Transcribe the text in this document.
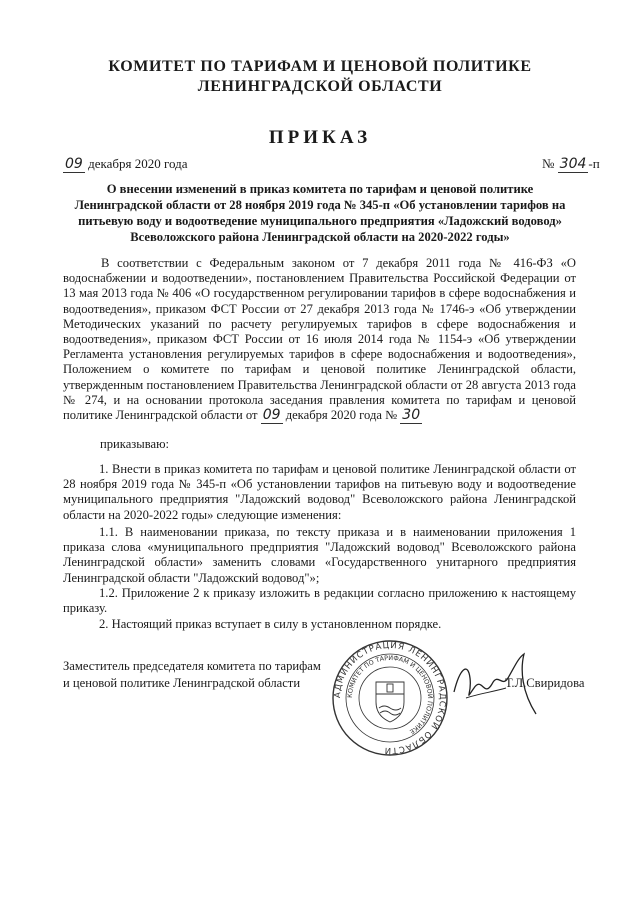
КОМИТЕТ ПО ТАРИФАМ И ЦЕНОВОЙ ПОЛИТИКЕ
ЛЕНИНГРАДСКОЙ ОБЛАСТИ
ПРИКАЗ
09 декабря 2020 года	№ 304 -п
О внесении изменений в приказ комитета по тарифам и ценовой политике Ленинградской области от 28 ноября 2019 года № 345-п «Об установлении тарифов на питьевую воду и водоотведение муниципального предприятия «Ладожский водовод» Всеволожского района Ленинградской области на 2020-2022 годы»
В соответствии с Федеральным законом от 7 декабря 2011 года № 416-ФЗ «О водоснабжении и водоотведении», постановлением Правительства Российской Федерации от 13 мая 2013 года № 406 «О государственном регулировании тарифов в сфере водоснабжения и водоотведения», приказом ФСТ России от 27 декабря 2013 года № 1746-э «Об утверждении Методических указаний по расчету регулируемых тарифов в сфере водоснабжения и водоотведения», приказом ФСТ России от 16 июля 2014 года № 1154-э «Об утверждении Регламента установления регулируемых тарифов в сфере водоснабжения и водоотведения», Положением о комитете по тарифам и ценовой политике Ленинградской области, утвержденным постановлением Правительства Ленинградской области от 28 августа 2013 года № 274, и на основании протокола заседания правления комитета по тарифам и ценовой политике Ленинградской области от 09 декабря 2020 года № 30
приказываю:
1. Внести в приказ комитета по тарифам и ценовой политике Ленинградской области от 28 ноября 2019 года № 345-п «Об установлении тарифов на питьевую воду и водоотведение муниципального предприятия "Ладожский водовод" Всеволожского района Ленинградской области на 2020-2022 годы» следующие изменения:
1.1. В наименовании приказа, по тексту приказа и в наименовании приложения 1 приказа слова «муниципального предприятия "Ладожский водовод" Всеволожского района Ленинградской области» заменить словами «Государственного унитарного предприятия Ленинградской области "Ладожский водовод"»;
1.2. Приложение 2 к приказу изложить в редакции согласно приложению к настоящему приказу.
2. Настоящий приказ вступает в силу в установленном порядке.
Заместитель председателя комитета по тарифам
и ценовой политике Ленинградской области
АДМИНИСТРАЦИЯ ЛЕНИНГРАДСКОЙ ОБЛАСТИ
КОМИТЕТ ПО ТАРИФАМ И ЦЕНОВОЙ ПОЛИТИКЕ
Т.Л.Свиридова
